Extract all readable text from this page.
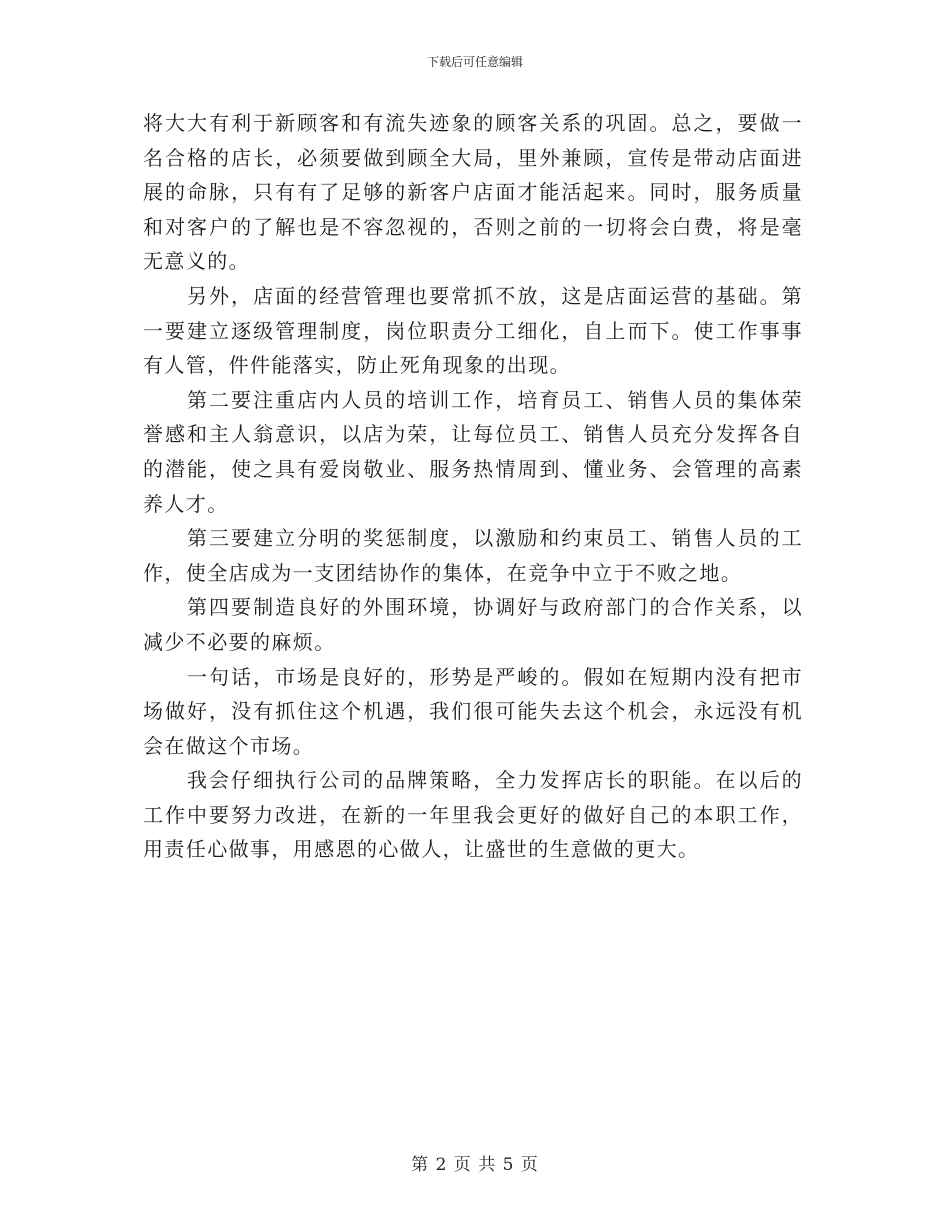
下载后可任意编辑

将大大有利于新顾客和有流失迹象的顾客关系的巩固。总之，要做一名合格的店长，必须要做到顾全大局，里外兼顾，宣传是带动店面进展的命脉，只有有了足够的新客户店面才能活起来。同时，服务质量和对客户的了解也是不容忽视的，否则之前的一切将会白费，将是毫无意义的。

另外，店面的经营管理也要常抓不放，这是店面运营的基础。第一要建立逐级管理制度，岗位职责分工细化，自上而下。使工作事事有人管，件件能落实，防止死角现象的出现。

第二要注重店内人员的培训工作，培育员工、销售人员的集体荣誉感和主人翁意识，以店为荣，让每位员工、销售人员充分发挥各自的潜能，使之具有爱岗敬业、服务热情周到、懂业务、会管理的高素养人才。

第三要建立分明的奖惩制度，以激励和约束员工、销售人员的工作，使全店成为一支团结协作的集体，在竞争中立于不败之地。

第四要制造良好的外围环境，协调好与政府部门的合作关系，以减少不必要的麻烦。

一句话，市场是良好的，形势是严峻的。假如在短期内没有把市场做好，没有抓住这个机遇，我们很可能失去这个机会，永远没有机会在做这个市场。

我会仔细执行公司的品牌策略，全力发挥店长的职能。在以后的工作中要努力改进，在新的一年里我会更好的做好自己的本职工作，用责任心做事，用感恩的心做人，让盛世的生意做的更大。

第 2 页 共 5 页
